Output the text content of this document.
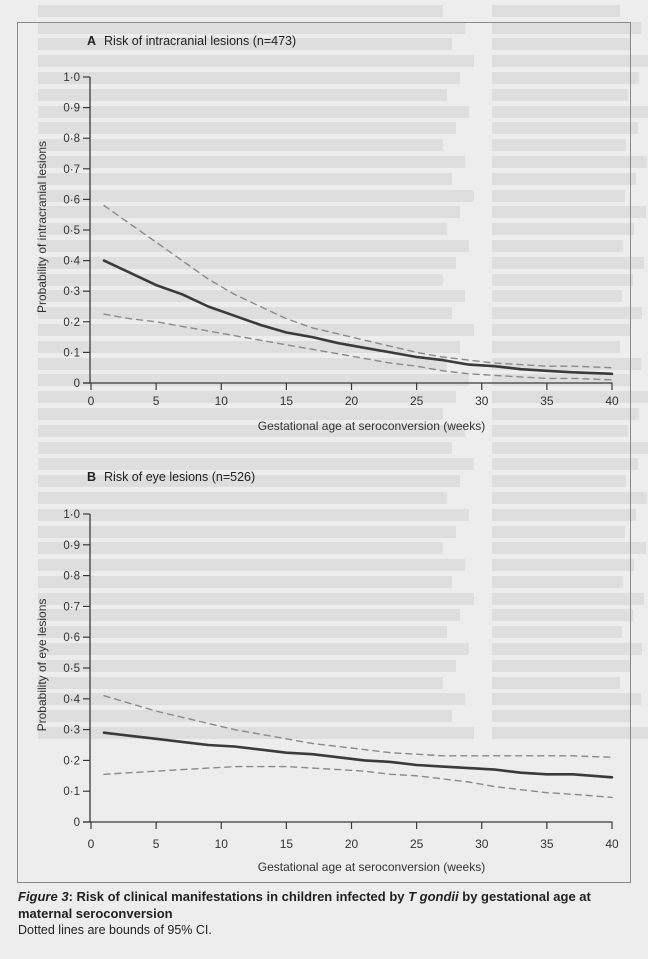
A Risk of intracranial lesions (n=473)
B Risk of eye lesions (n=526)
0
0·1
0·2
0·3
0·4
0·5
0·6
0·7
0·8
0·9
1·0
0	5	10	15	20	25	30	35	40
Gestational age at seroconversion (weeks)
Probability of intracranial lesions
0
0·1
0·2
0·3
0·4
0·5
0·6
0·7
0·8
0·9
1·0
0	5	10	15	20	25	30	35	40
Gestational age at seroconversion (weeks)
Probability of eye lesions
Figure 3: Risk of clinical manifestations in children infected by T gondii by gestational age at maternal seroconversion
Dotted lines are bounds of 95% CI.
